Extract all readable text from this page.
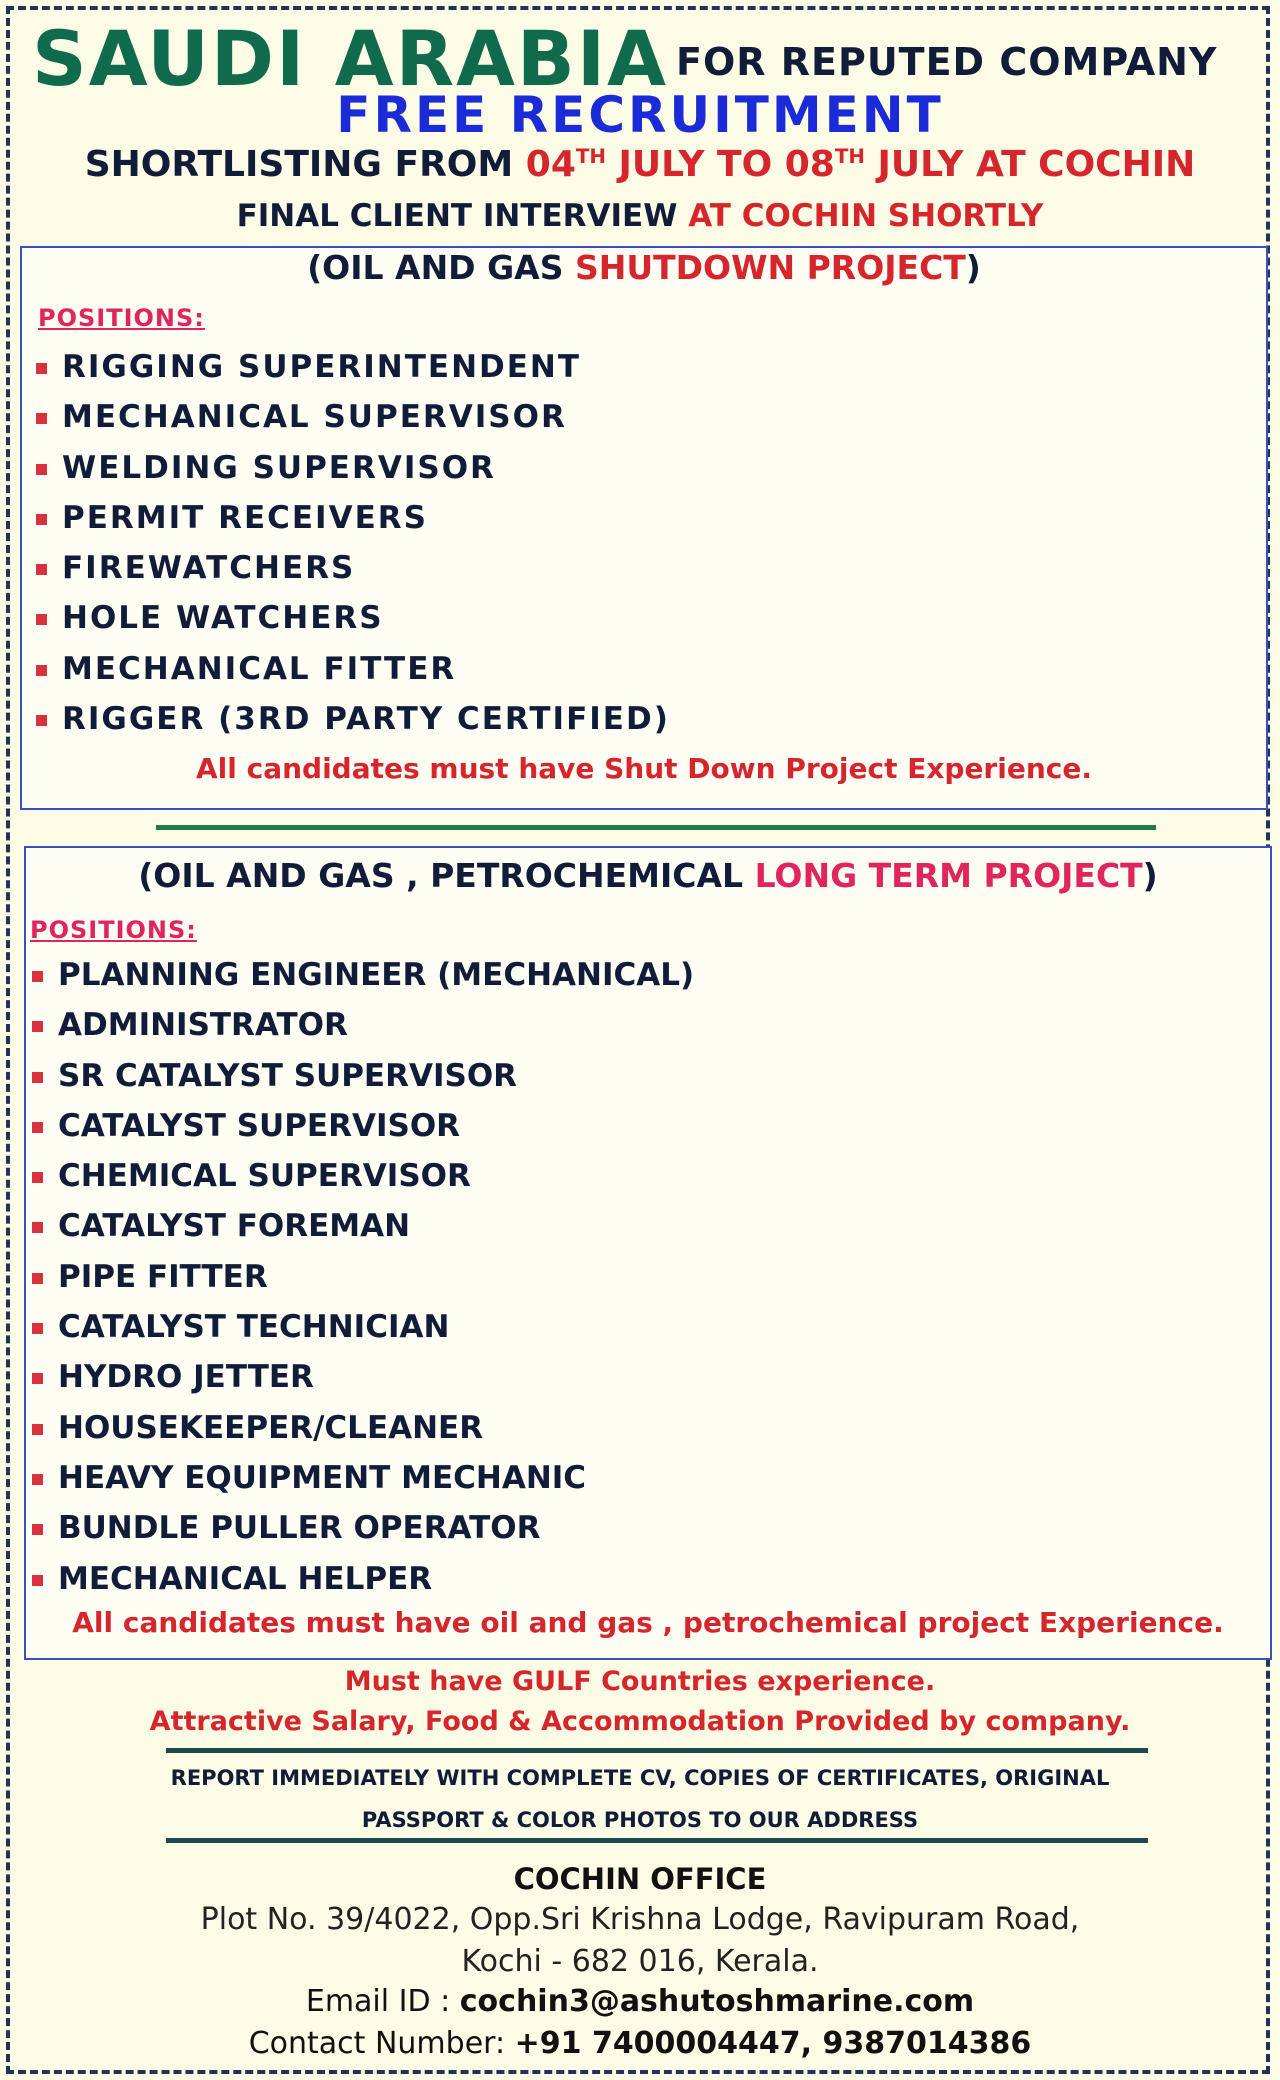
SAUDI ARABIA FOR REPUTED COMPANY
FREE RECRUITMENT
SHORTLISTING FROM 04TH JULY TO 08TH JULY AT COCHIN
FINAL CLIENT INTERVIEW AT COCHIN SHORTLY
(OIL AND GAS SHUTDOWN PROJECT)
POSITIONS:
RIGGING SUPERINTENDENT
MECHANICAL SUPERVISOR
WELDING SUPERVISOR
PERMIT RECEIVERS
FIREWATCHERS
HOLE WATCHERS
MECHANICAL FITTER
RIGGER (3RD PARTY CERTIFIED)
All candidates must have Shut Down Project Experience.
(OIL AND GAS , PETROCHEMICAL LONG TERM PROJECT)
POSITIONS:
PLANNING ENGINEER (MECHANICAL)
ADMINISTRATOR
SR CATALYST SUPERVISOR
CATALYST SUPERVISOR
CHEMICAL SUPERVISOR
CATALYST FOREMAN
PIPE FITTER
CATALYST TECHNICIAN
HYDRO JETTER
HOUSEKEEPER/CLEANER
HEAVY EQUIPMENT MECHANIC
BUNDLE PULLER OPERATOR
MECHANICAL HELPER
All candidates must have oil and gas , petrochemical project Experience.
Must have GULF Countries experience.
Attractive Salary, Food & Accommodation Provided by company.
REPORT IMMEDIATELY WITH COMPLETE CV, COPIES OF CERTIFICATES, ORIGINAL
PASSPORT & COLOR PHOTOS TO OUR ADDRESS
COCHIN OFFICE
Plot No. 39/4022, Opp.Sri Krishna Lodge, Ravipuram Road,
Kochi - 682 016, Kerala.
Email ID : cochin3@ashutoshmarine.com
Contact Number: +91 7400004447, 9387014386
